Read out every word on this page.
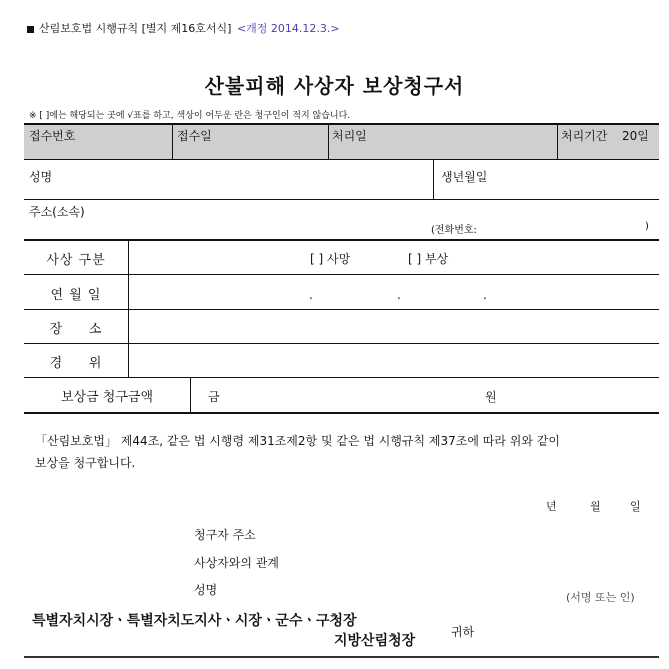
산림보호법 시행규칙 [별지 제16호서식] <개정 2014.12.3.>
산불피해 사상자 보상청구서
※ [ ]에는 해당되는 곳에 √표를 하고, 색상이 어두운 란은 청구인이 적지 않습니다.
접수번호	접수일	처리일	처리기간 20일
성명	생년월일
주소(소속)
(전화번호:	)
사상 구분	[ ] 사망	[ ] 부상
연 월 일	.	.	.
장     소
경     위
보상금 청구금액	금	원
「산림보호법」 제44조, 같은 법 시행령 제31조제2항 및 같은 법 시행규칙 제37조에 따라 위와 같이
보상을 청구합니다.
년	월	일
청구자 주소
사상자와의 관계
성명
(서명 또는 인)
특별자치시장ㆍ특별자치도지사ㆍ시장ㆍ군수ㆍ구청장
지방산림청장
귀하
